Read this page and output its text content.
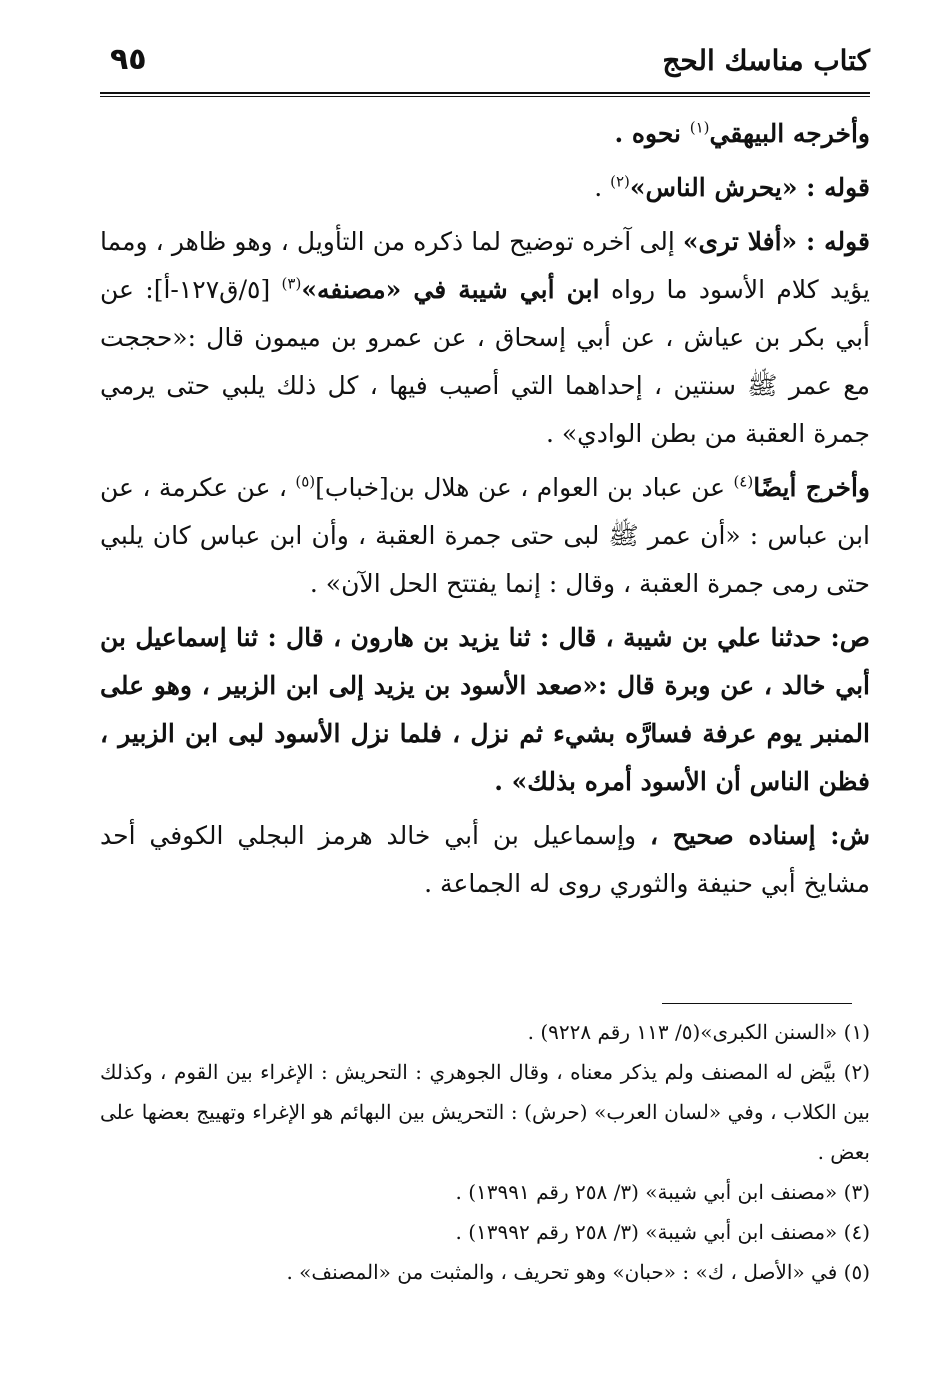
٩٥	كتاب مناسك الحج

وأخرجه البيهقي$^{(١)}$ نحوه .

قوله : «يحرش الناس»$^{(٢)}$ .

قوله : «أفلا ترى» إلى آخره توضيح لما ذكره من التأويل ، وهو ظاهر ، ومما يؤيد كلام الأسود ما رواه ابن أبي شيبة في «مصنفه»$^{(٣)}$ [٥/ق١٢٧-أ]: عن أبي بكر بن عياش ، عن أبي إسحاق ، عن عمرو بن ميمون قال :«حججت مع عمر ﷺ سنتين ، إحداهما التي أصيب فيها ، كل ذلك يلبي حتى يرمي جمرة العقبة من بطن الوادي» .

وأخرج أيضًا$^{(٤)}$ عن عباد بن العوام ، عن هلال بن[خباب]$^{(٥)}$ ، عن عكرمة ، عن ابن عباس : «أن عمر ﷺ لبى حتى جمرة العقبة ، وأن ابن عباس كان يلبي حتى رمى جمرة العقبة ، وقال : إنما يفتتح الحل الآن» .

ص: حدثنا علي بن شيبة ، قال : ثنا يزيد بن هارون ، قال : ثنا إسماعيل بن أبي خالد ، عن وبرة قال :«صعد الأسود بن يزيد إلى ابن الزبير ، وهو على المنبر يوم عرفة فسارَّه بشيء ثم نزل ، فلما نزل الأسود لبى ابن الزبير ، فظن الناس أن الأسود أمره بذلك» .

ش: إسناده صحيح ، وإسماعيل بن أبي خالد هرمز البجلي الكوفي أحد مشايخ أبي حنيفة والثوري روى له الجماعة .

(١) «السنن الكبرى»(٥/ ١١٣ رقم ٩٢٢٨) .

(٢) بيَّض له المصنف ولم يذكر معناه ، وقال الجوهري : التحريش : الإغراء بين القوم ، وكذلك بين الكلاب ، وفي «لسان العرب» (حرش) : التحريش بين البهائم هو الإغراء وتهييج بعضها على بعض .

(٣) «مصنف ابن أبي شيبة» (٣/ ٢٥٨ رقم ١٣٩٩١) .

(٤) «مصنف ابن أبي شيبة» (٣/ ٢٥٨ رقم ١٣٩٩٢) .

(٥) في «الأصل ، ك» : «حبان» وهو تحريف ، والمثبت من «المصنف» .
